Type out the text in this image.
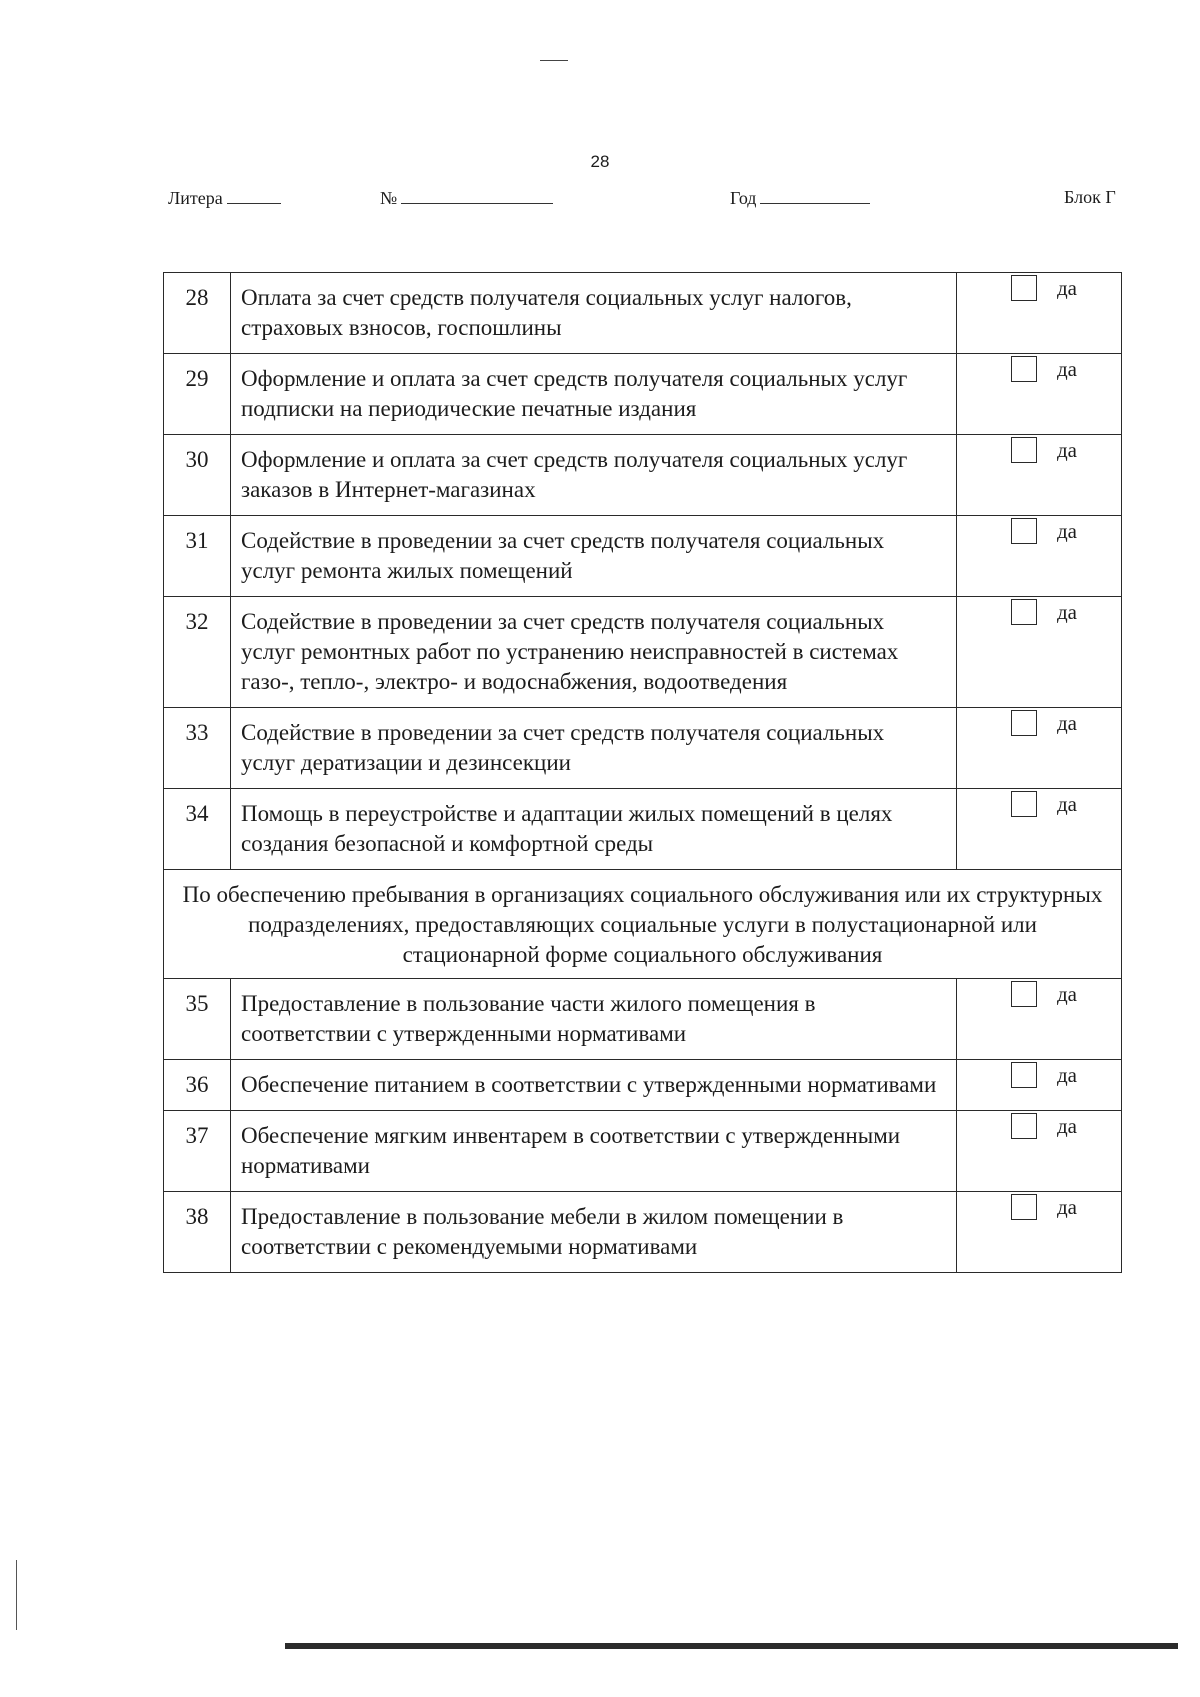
28
Литера	№	Год	Блок Г
28	Оплата за счет средств получателя социальных услуг налогов, страховых взносов, госпошлины	да

29	Оформление и оплата за счет средств получателя социальных услуг подписки на периодические печатные издания	да

30	Оформление и оплата за счет средств получателя социальных услуг заказов в Интернет-магазинах	да

31	Содействие в проведении за счет средств получателя социальных услуг ремонта жилых помещений	да

32	Содействие в проведении за счет средств получателя социальных услуг ремонтных работ по устранению неисправностей в системах газо-, тепло-, электро- и водоснабжения, водоотведения	да

33	Содействие в проведении за счет средств получателя социальных услуг дератизации и дезинсекции	да

34	Помощь в переустройстве и адаптации жилых помещений в целях создания безопасной и комфортной среды	да

По обеспечению пребывания в организациях социального обслуживания или их структурных подразделениях, предоставляющих социальные услуги в полустационарной или стационарной форме социального обслуживания		
35	Предоставление в пользование части жилого помещения в соответствии с утвержденными нормативами	да

36	Обеспечение питанием в соответствии с утвержденными нормативами	да

37	Обеспечение мягким инвентарем в соответствии с утвержденными нормативами	да

38	Предоставление в пользование мебели в жилом помещении в соответствии с рекомендуемыми нормативами	да
